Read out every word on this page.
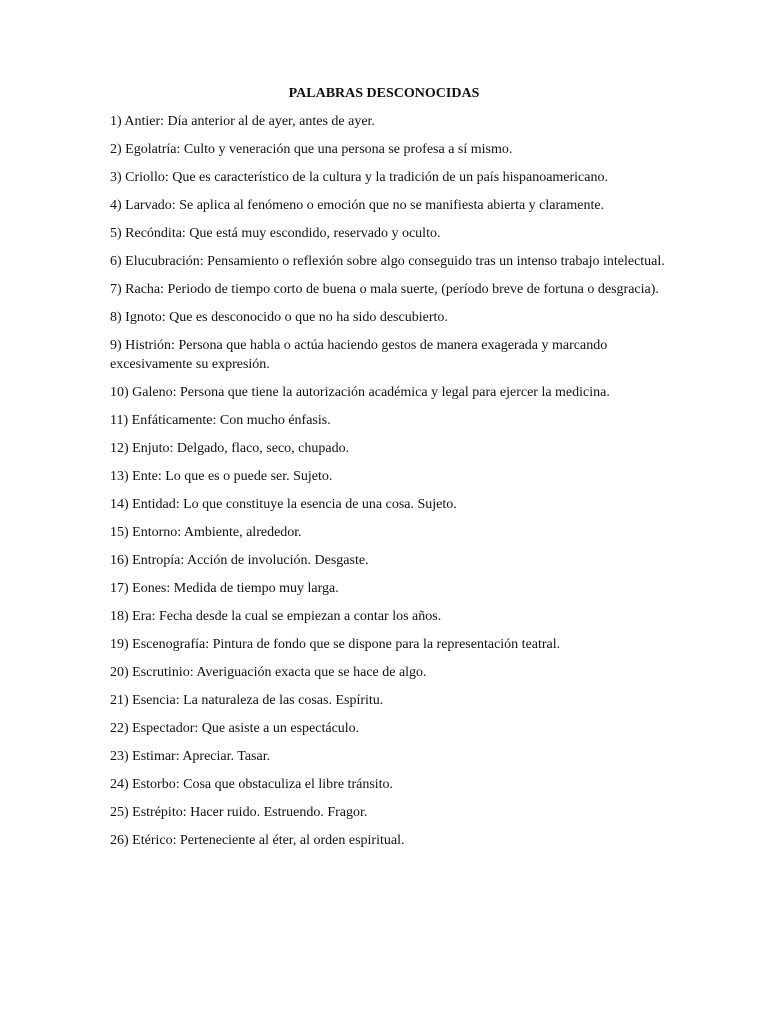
PALABRAS DESCONOCIDAS
1) Antier: Día anterior al de ayer, antes de ayer.
2) Egolatría: Culto y veneración que una persona se profesa a sí mismo.
3) Criollo: Que es característico de la cultura y la tradición de un país hispanoamericano.
4) Larvado: Se aplica al fenómeno o emoción que no se manifiesta abierta y claramente.
5) Recóndita: Que está muy escondido, reservado y oculto.
6) Elucubración: Pensamiento o reflexión sobre algo conseguido tras un intenso trabajo intelectual.
7) Racha: Periodo de tiempo corto de buena o mala suerte, (período breve de fortuna o desgracia).
8) Ignoto: Que es desconocido o que no ha sido descubierto.
9) Histrión: Persona que habla o actúa haciendo gestos de manera exagerada y marcando excesivamente su expresión.
10) Galeno: Persona que tiene la autorización académica y legal para ejercer la medicina.
11) Enfáticamente: Con mucho énfasis.
12) Enjuto: Delgado, flaco, seco, chupado.
13) Ente: Lo que es o puede ser. Sujeto.
14) Entidad: Lo que constituye la esencia de una cosa. Sujeto.
15) Entorno: Ambiente, alrededor.
16) Entropía: Acción de involución. Desgaste.
17) Eones: Medida de tiempo muy larga.
18) Era: Fecha desde la cual se empiezan a contar los años.
19) Escenografía: Pintura de fondo que se dispone para la representación teatral.
20) Escrutinio: Averiguación exacta que se hace de algo.
21) Esencia: La naturaleza de las cosas. Espíritu.
22) Espectador: Que asiste a un espectáculo.
23) Estimar: Apreciar. Tasar.
24) Estorbo: Cosa que obstaculiza el libre tránsito.
25) Estrépito: Hacer ruido. Estruendo. Fragor.
26) Etérico: Perteneciente al éter, al orden espiritual.
